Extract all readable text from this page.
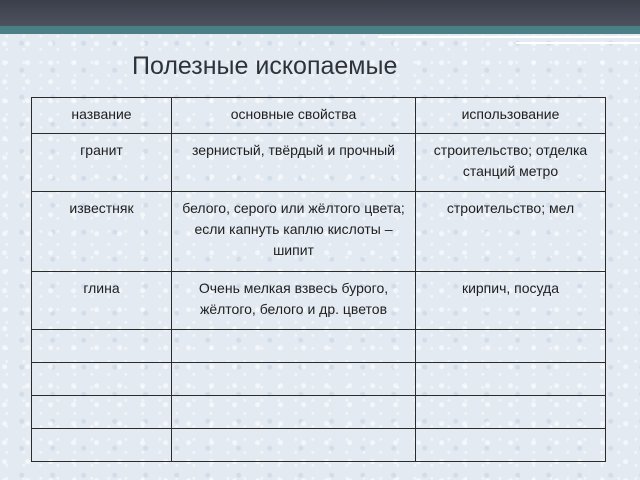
Полезные ископаемые
название	основные свойства	использование
гранит	зернистый, твёрдый и прочный	строительство; отделка станций метро
известняк	белого, серого или жёлтого цвета; если капнуть каплю кислоты – шипит	строительство; мел
глина	Очень мелкая взвесь бурого, жёлтого, белого и др. цветов	кирпич, посуда
